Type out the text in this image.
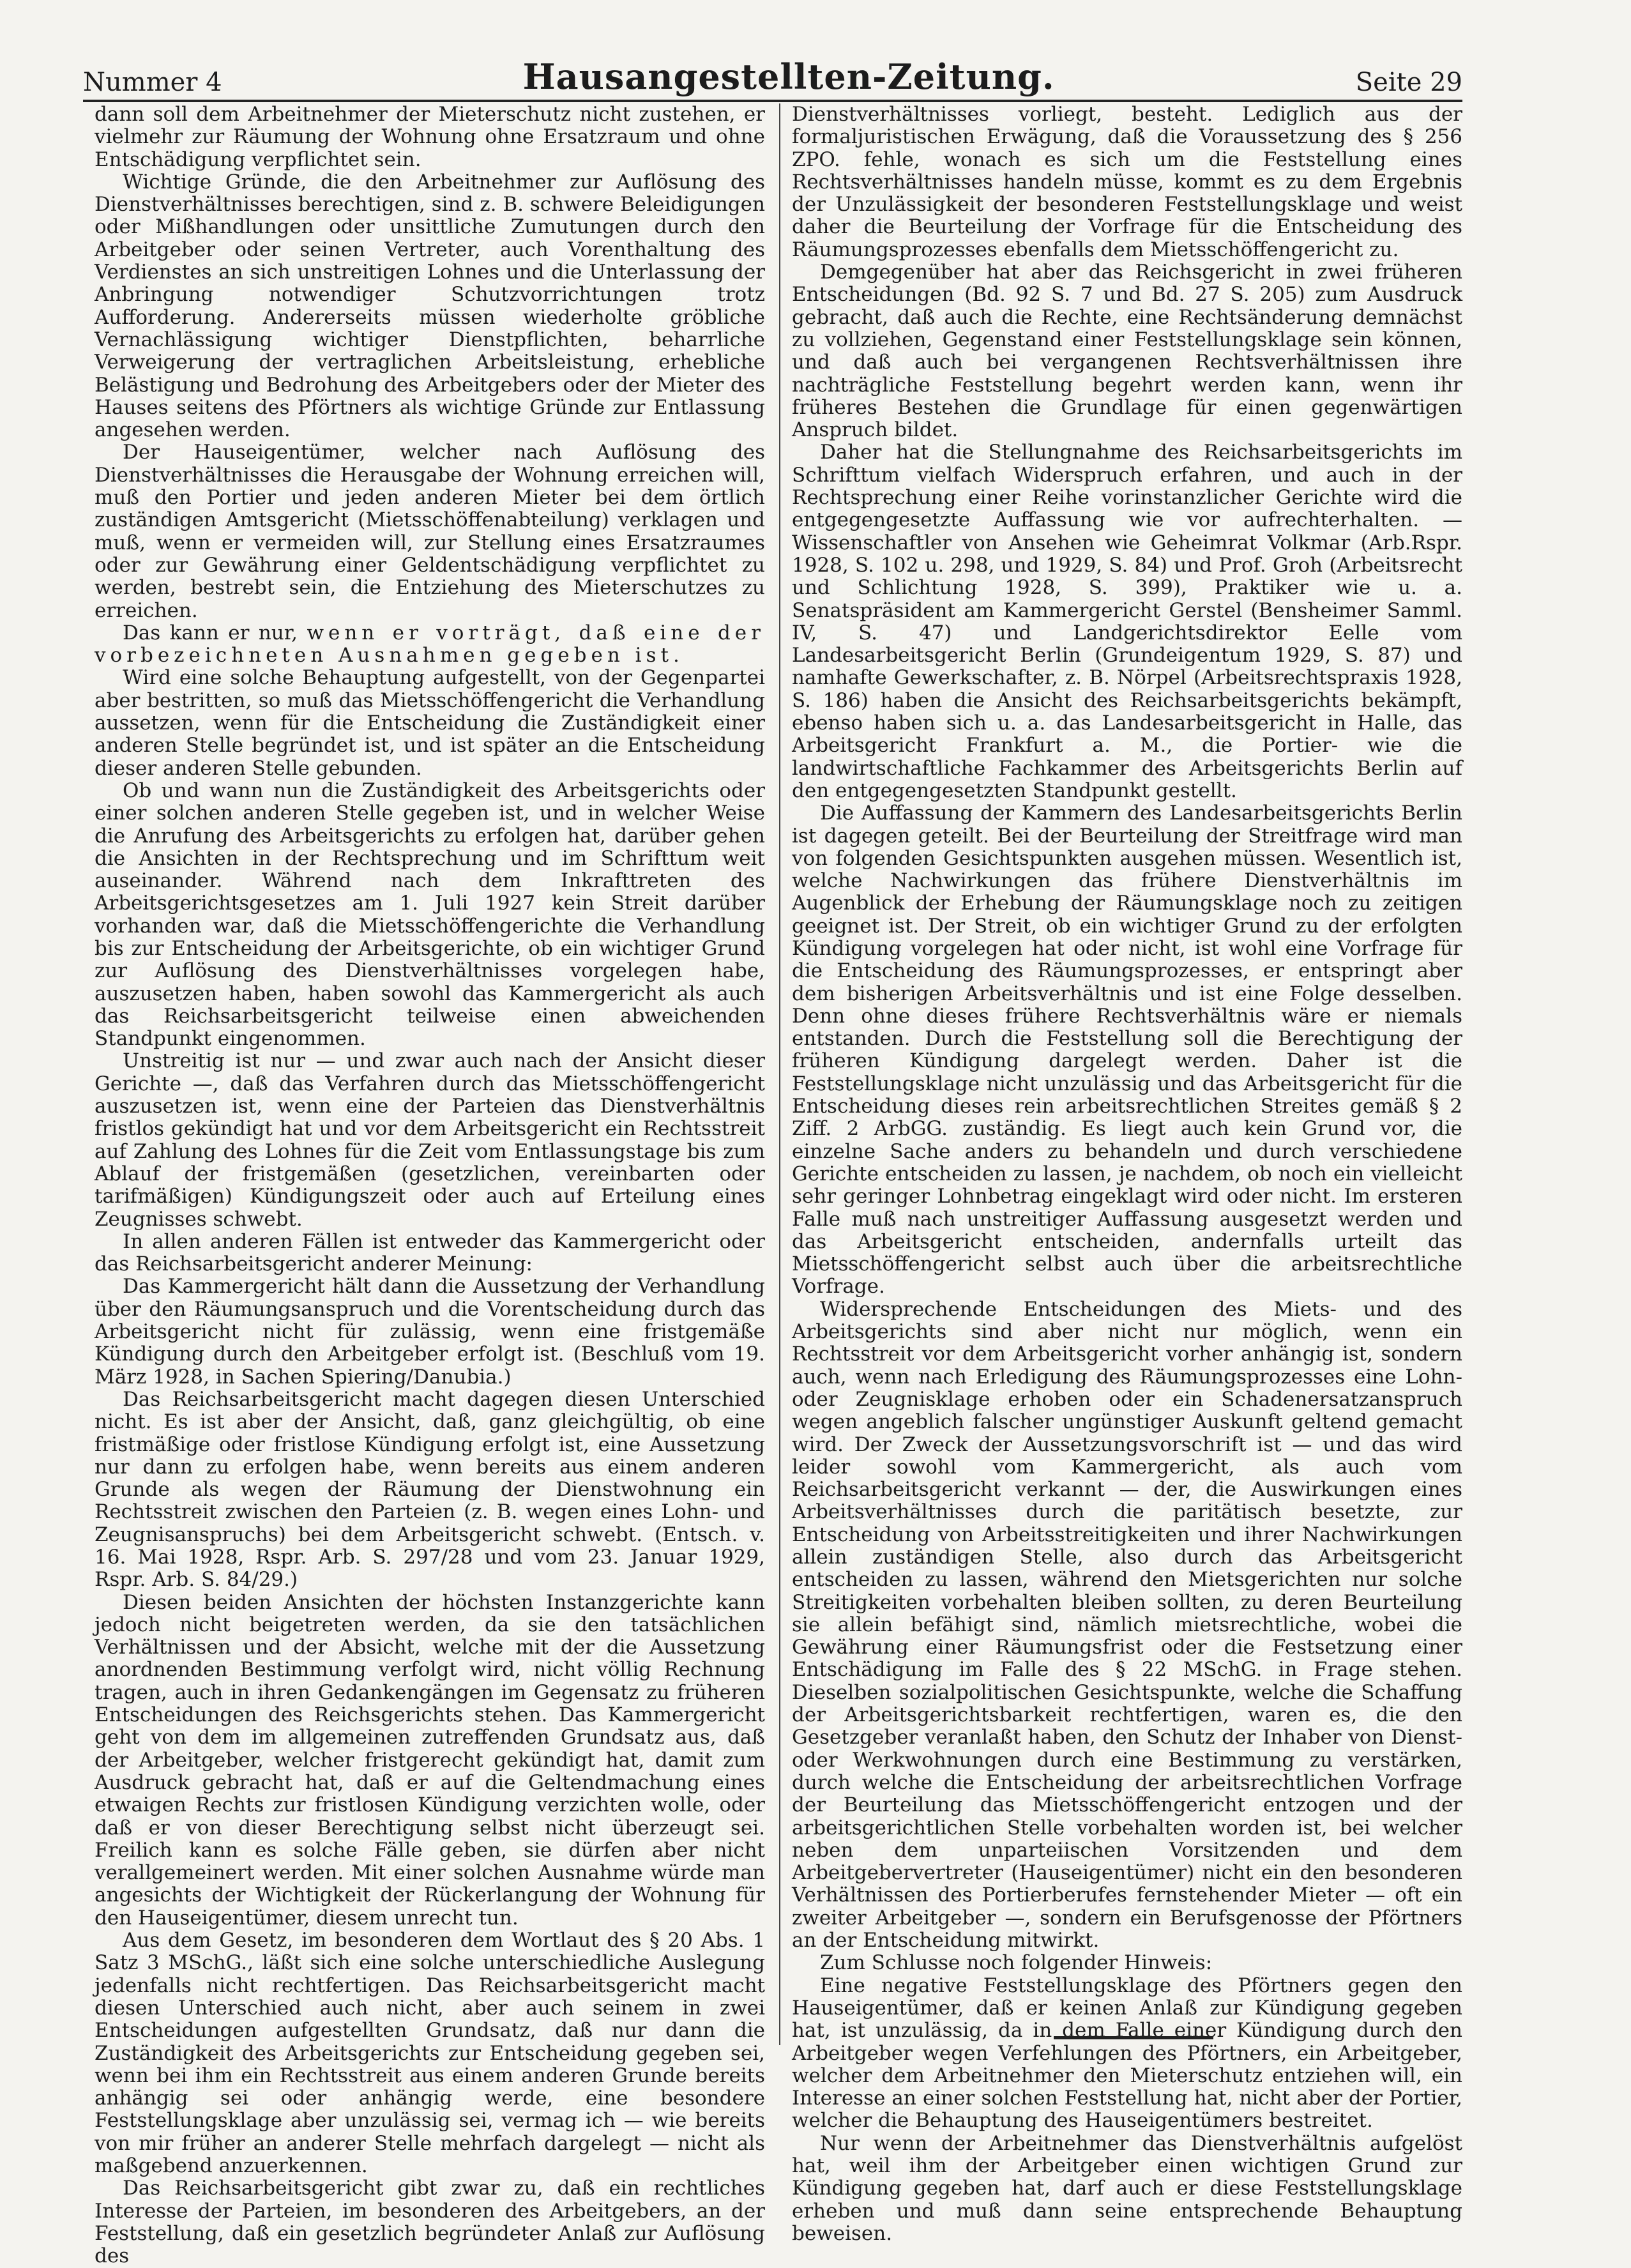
Nummer 4	Hausangestellten-Zeitung.	Seite 29

dann soll dem Arbeitnehmer der Mieterschutz nicht zustehen, er vielmehr zur Räumung der Wohnung ohne Ersatzraum und ohne Entschädigung verpflichtet sein.

Wichtige Gründe, die den Arbeitnehmer zur Auflösung des Dienstverhältnisses berechtigen, sind z. B. schwere Beleidigungen oder Mißhandlungen oder unsittliche Zumutungen durch den Arbeitgeber oder seinen Vertreter, auch Vorenthaltung des Verdienstes an sich unstreitigen Lohnes und die Unterlassung der Anbringung notwendiger Schutzvorrichtungen trotz Aufforderung. Andererseits müssen wiederholte gröbliche Vernachlässigung wichtiger Dienstpflichten, beharrliche Verweigerung der vertraglichen Arbeitsleistung, erhebliche Belästigung und Bedrohung des Arbeitgebers oder der Mieter des Hauses seitens des Pförtners als wichtige Gründe zur Entlassung angesehen werden.

Der Hauseigentümer, welcher nach Auflösung des Dienstverhältnisses die Herausgabe der Wohnung erreichen will, muß den Portier und jeden anderen Mieter bei dem örtlich zuständigen Amtsgericht (Mietsschöffenabteilung) verklagen und muß, wenn er vermeiden will, zur Stellung eines Ersatzraumes oder zur Gewährung einer Geldentschädigung verpflichtet zu werden, bestrebt sein, die Entziehung des Mieterschutzes zu erreichen.

Das kann er nur, wenn er vorträgt, daß eine der vorbezeichneten Ausnahmen gegeben ist.

Wird eine solche Behauptung aufgestellt, von der Gegenpartei aber bestritten, so muß das Mietsschöffengericht die Verhandlung aussetzen, wenn für die Entscheidung die Zuständigkeit einer anderen Stelle begründet ist, und ist später an die Entscheidung dieser anderen Stelle gebunden.

Ob und wann nun die Zuständigkeit des Arbeitsgerichts oder einer solchen anderen Stelle gegeben ist, und in welcher Weise die Anrufung des Arbeitsgerichts zu erfolgen hat, darüber gehen die Ansichten in der Rechtsprechung und im Schrifttum weit auseinander. Während nach dem Inkrafttreten des Arbeitsgerichtsgesetzes am 1. Juli 1927 kein Streit darüber vorhanden war, daß die Mietsschöffengerichte die Verhandlung bis zur Entscheidung der Arbeitsgerichte, ob ein wichtiger Grund zur Auflösung des Dienstverhältnisses vorgelegen habe, auszusetzen haben, haben sowohl das Kammergericht als auch das Reichsarbeitsgericht teilweise einen abweichenden Standpunkt eingenommen.

Unstreitig ist nur — und zwar auch nach der Ansicht dieser Gerichte —, daß das Verfahren durch das Mietsschöffengericht auszusetzen ist, wenn eine der Parteien das Dienstverhältnis fristlos gekündigt hat und vor dem Arbeitsgericht ein Rechtsstreit auf Zahlung des Lohnes für die Zeit vom Entlassungstage bis zum Ablauf der fristgemäßen (gesetzlichen, vereinbarten oder tarifmäßigen) Kündigungszeit oder auch auf Erteilung eines Zeugnisses schwebt.

In allen anderen Fällen ist entweder das Kammergericht oder das Reichsarbeitsgericht anderer Meinung:

Das Kammergericht hält dann die Aussetzung der Verhandlung über den Räumungsanspruch und die Vorentscheidung durch das Arbeitsgericht nicht für zulässig, wenn eine fristgemäße Kündigung durch den Arbeitgeber erfolgt ist. (Beschluß vom 19. März 1928, in Sachen Spiering/Danubia.)

Das Reichsarbeitsgericht macht dagegen diesen Unterschied nicht. Es ist aber der Ansicht, daß, ganz gleichgültig, ob eine fristmäßige oder fristlose Kündigung erfolgt ist, eine Aussetzung nur dann zu erfolgen habe, wenn bereits aus einem anderen Grunde als wegen der Räumung der Dienstwohnung ein Rechtsstreit zwischen den Parteien (z. B. wegen eines Lohn- und Zeugnisanspruchs) bei dem Arbeitsgericht schwebt. (Entsch. v. 16. Mai 1928, Rspr. Arb. S. 297/28 und vom 23. Januar 1929, Rspr. Arb. S. 84/29.)

Diesen beiden Ansichten der höchsten Instanzgerichte kann jedoch nicht beigetreten werden, da sie den tatsächlichen Verhältnissen und der Absicht, welche mit der die Aussetzung anordnenden Bestimmung verfolgt wird, nicht völlig Rechnung tragen, auch in ihren Gedankengängen im Gegensatz zu früheren Entscheidungen des Reichsgerichts stehen. Das Kammergericht geht von dem im allgemeinen zutreffenden Grundsatz aus, daß der Arbeitgeber, welcher fristgerecht gekündigt hat, damit zum Ausdruck gebracht hat, daß er auf die Geltendmachung eines etwaigen Rechts zur fristlosen Kündigung verzichten wolle, oder daß er von dieser Berechtigung selbst nicht überzeugt sei. Freilich kann es solche Fälle geben, sie dürfen aber nicht verallgemeinert werden. Mit einer solchen Ausnahme würde man angesichts der Wichtigkeit der Rückerlangung der Wohnung für den Hauseigentümer, diesem unrecht tun.

Aus dem Gesetz, im besonderen dem Wortlaut des § 20 Abs. 1 Satz 3 MSchG., läßt sich eine solche unterschiedliche Auslegung jedenfalls nicht rechtfertigen. Das Reichsarbeitsgericht macht diesen Unterschied auch nicht, aber auch seinem in zwei Entscheidungen aufgestellten Grundsatz, daß nur dann die Zuständigkeit des Arbeitsgerichts zur Entscheidung gegeben sei, wenn bei ihm ein Rechtsstreit aus einem anderen Grunde bereits anhängig sei oder anhängig werde, eine besondere Feststellungsklage aber unzulässig sei, vermag ich — wie bereits von mir früher an anderer Stelle mehrfach dargelegt — nicht als maßgebend anzuerkennen.

Das Reichsarbeitsgericht gibt zwar zu, daß ein rechtliches Interesse der Parteien, im besonderen des Arbeitgebers, an der Feststellung, daß ein gesetzlich begründeter Anlaß zur Auflösung des

Dienstverhältnisses vorliegt, besteht. Lediglich aus der formaljuristischen Erwägung, daß die Voraussetzung des § 256 ZPO. fehle, wonach es sich um die Feststellung eines Rechtsverhältnisses handeln müsse, kommt es zu dem Ergebnis der Unzulässigkeit der besonderen Feststellungsklage und weist daher die Beurteilung der Vorfrage für die Entscheidung des Räumungsprozesses ebenfalls dem Mietsschöffengericht zu.

Demgegenüber hat aber das Reichsgericht in zwei früheren Entscheidungen (Bd. 92 S. 7 und Bd. 27 S. 205) zum Ausdruck gebracht, daß auch die Rechte, eine Rechtsänderung demnächst zu vollziehen, Gegenstand einer Feststellungsklage sein können, und daß auch bei vergangenen Rechtsverhältnissen ihre nachträgliche Feststellung begehrt werden kann, wenn ihr früheres Bestehen die Grundlage für einen gegenwärtigen Anspruch bildet.

Daher hat die Stellungnahme des Reichsarbeitsgerichts im Schrifttum vielfach Widerspruch erfahren, und auch in der Rechtsprechung einer Reihe vorinstanzlicher Gerichte wird die entgegengesetzte Auffassung wie vor aufrechterhalten. — Wissenschaftler von Ansehen wie Geheimrat Volkmar (Arb.Rspr. 1928, S. 102 u. 298, und 1929, S. 84) und Prof. Groh (Arbeitsrecht und Schlichtung 1928, S. 399), Praktiker wie u. a. Senatspräsident am Kammergericht Gerstel (Bensheimer Samml. IV, S. 47) und Landgerichtsdirektor Eelle vom Landesarbeitsgericht Berlin (Grundeigentum 1929, S. 87) und namhafte Gewerkschafter, z. B. Nörpel (Arbeitsrechtspraxis 1928, S. 186) haben die Ansicht des Reichsarbeitsgerichts bekämpft, ebenso haben sich u. a. das Landesarbeitsgericht in Halle, das Arbeitsgericht Frankfurt a. M., die Portier- wie die landwirtschaftliche Fachkammer des Arbeitsgerichts Berlin auf den entgegengesetzten Standpunkt gestellt.

Die Auffassung der Kammern des Landesarbeitsgerichts Berlin ist dagegen geteilt. Bei der Beurteilung der Streitfrage wird man von folgenden Gesichtspunkten ausgehen müssen. Wesentlich ist, welche Nachwirkungen das frühere Dienstverhältnis im Augenblick der Erhebung der Räumungsklage noch zu zeitigen geeignet ist. Der Streit, ob ein wichtiger Grund zu der erfolgten Kündigung vorgelegen hat oder nicht, ist wohl eine Vorfrage für die Entscheidung des Räumungsprozesses, er entspringt aber dem bisherigen Arbeitsverhältnis und ist eine Folge desselben. Denn ohne dieses frühere Rechtsverhältnis wäre er niemals entstanden. Durch die Feststellung soll die Berechtigung der früheren Kündigung dargelegt werden. Daher ist die Feststellungsklage nicht unzulässig und das Arbeitsgericht für die Entscheidung dieses rein arbeitsrechtlichen Streites gemäß § 2 Ziff. 2 ArbGG. zuständig. Es liegt auch kein Grund vor, die einzelne Sache anders zu behandeln und durch verschiedene Gerichte entscheiden zu lassen, je nachdem, ob noch ein vielleicht sehr geringer Lohnbetrag eingeklagt wird oder nicht. Im ersteren Falle muß nach unstreitiger Auffassung ausgesetzt werden und das Arbeitsgericht entscheiden, andernfalls urteilt das Mietsschöffengericht selbst auch über die arbeitsrechtliche Vorfrage.

Widersprechende Entscheidungen des Miets- und des Arbeitsgerichts sind aber nicht nur möglich, wenn ein Rechtsstreit vor dem Arbeitsgericht vorher anhängig ist, sondern auch, wenn nach Erledigung des Räumungsprozesses eine Lohn- oder Zeugnisklage erhoben oder ein Schadenersatzanspruch wegen angeblich falscher ungünstiger Auskunft geltend gemacht wird. Der Zweck der Aussetzungsvorschrift ist — und das wird leider sowohl vom Kammergericht, als auch vom Reichsarbeitsgericht verkannt — der, die Auswirkungen eines Arbeitsverhältnisses durch die paritätisch besetzte, zur Entscheidung von Arbeitsstreitigkeiten und ihrer Nachwirkungen allein zuständigen Stelle, also durch das Arbeitsgericht entscheiden zu lassen, während den Mietsgerichten nur solche Streitigkeiten vorbehalten bleiben sollten, zu deren Beurteilung sie allein befähigt sind, nämlich mietsrechtliche, wobei die Gewährung einer Räumungsfrist oder die Festsetzung einer Entschädigung im Falle des § 22 MSchG. in Frage stehen. Dieselben sozialpolitischen Gesichtspunkte, welche die Schaffung der Arbeitsgerichtsbarkeit rechtfertigen, waren es, die den Gesetzgeber veranlaßt haben, den Schutz der Inhaber von Dienst- oder Werkwohnungen durch eine Bestimmung zu verstärken, durch welche die Entscheidung der arbeitsrechtlichen Vorfrage der Beurteilung das Mietsschöffengericht entzogen und der arbeitsgerichtlichen Stelle vorbehalten worden ist, bei welcher neben dem unparteiischen Vorsitzenden und dem Arbeitgebervertreter (Hauseigentümer) nicht ein den besonderen Verhältnissen des Portierberufes fernstehender Mieter — oft ein zweiter Arbeitgeber —, sondern ein Berufsgenosse der Pförtners an der Entscheidung mitwirkt.

Zum Schlusse noch folgender Hinweis:

Eine negative Feststellungsklage des Pförtners gegen den Hauseigentümer, daß er keinen Anlaß zur Kündigung gegeben hat, ist unzulässig, da in dem Falle einer Kündigung durch den Arbeitgeber wegen Verfehlungen des Pförtners, ein Arbeitgeber, welcher dem Arbeitnehmer den Mieterschutz entziehen will, ein Interesse an einer solchen Feststellung hat, nicht aber der Portier, welcher die Behauptung des Hauseigentümers bestreitet.

Nur wenn der Arbeitnehmer das Dienstverhältnis aufgelöst hat, weil ihm der Arbeitgeber einen wichtigen Grund zur Kündigung gegeben hat, darf auch er diese Feststellungsklage erheben und muß dann seine entsprechende Behauptung beweisen.
